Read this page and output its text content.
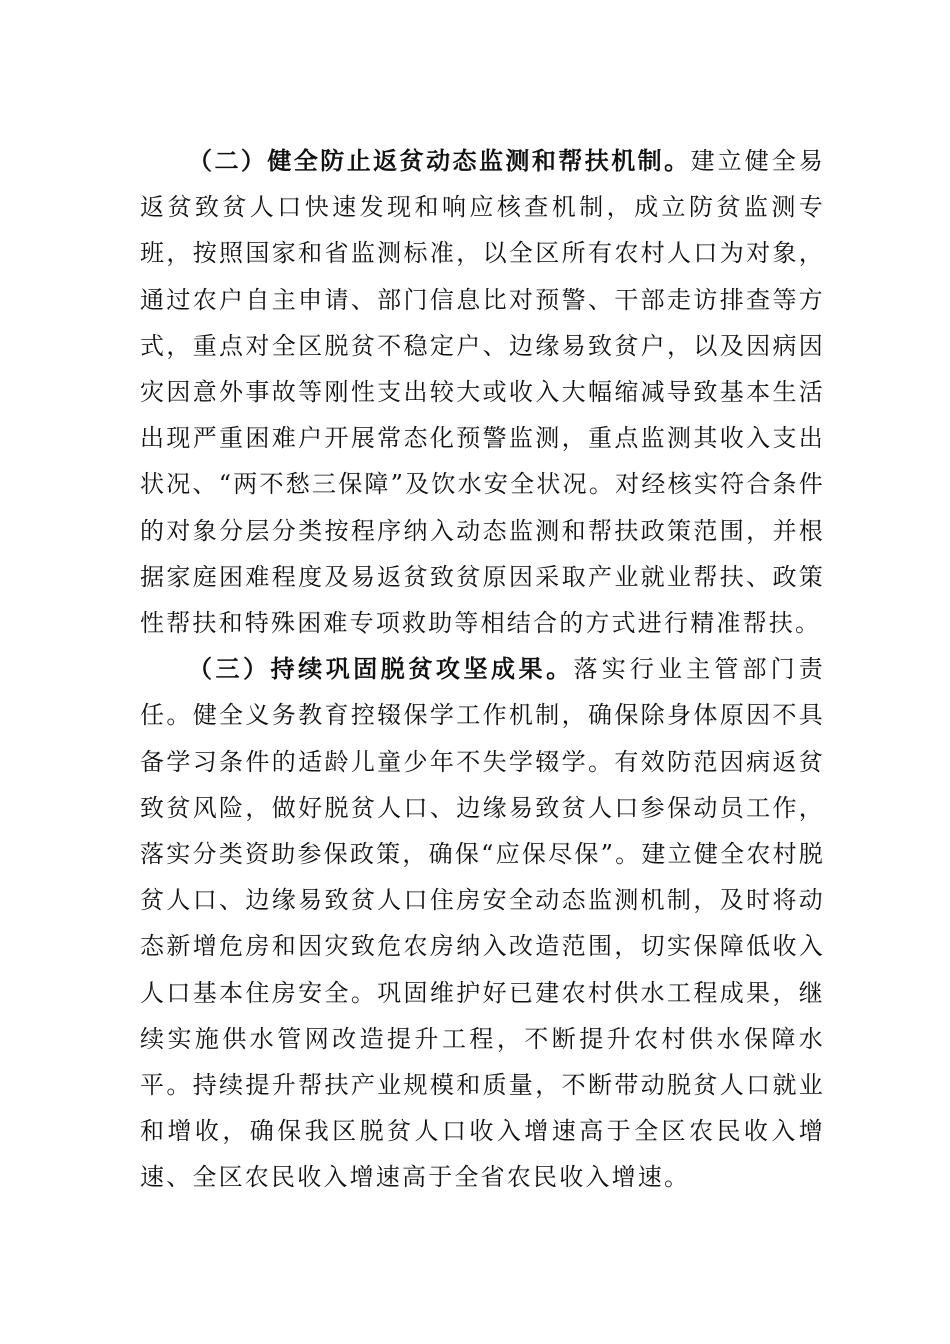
（二）健全防止返贫动态监测和帮扶机制。建立健全易返贫致贫人口快速发现和响应核查机制，成立防贫监测专班，按照国家和省监测标准，以全区所有农村人口为对象，通过农户自主申请、部门信息比对预警、干部走访排查等方式，重点对全区脱贫不稳定户、边缘易致贫户，以及因病因灾因意外事故等刚性支出较大或收入大幅缩减导致基本生活出现严重困难户开展常态化预警监测，重点监测其收入支出状况、“两不愁三保障”及饮水安全状况。对经核实符合条件的对象分层分类按程序纳入动态监测和帮扶政策范围，并根据家庭困难程度及易返贫致贫原因采取产业就业帮扶、政策性帮扶和特殊困难专项救助等相结合的方式进行精准帮扶。

（三）持续巩固脱贫攻坚成果。落实行业主管部门责任。健全义务教育控辍保学工作机制，确保除身体原因不具备学习条件的适龄儿童少年不失学辍学。有效防范因病返贫致贫风险，做好脱贫人口、边缘易致贫人口参保动员工作，落实分类资助参保政策，确保“应保尽保”。建立健全农村脱贫人口、边缘易致贫人口住房安全动态监测机制，及时将动态新增危房和因灾致危农房纳入改造范围，切实保障低收入人口基本住房安全。巩固维护好已建农村供水工程成果，继续实施供水管网改造提升工程，不断提升农村供水保障水平。持续提升帮扶产业规模和质量，不断带动脱贫人口就业和增收，确保我区脱贫人口收入增速高于全区农民收入增速、全区农民收入增速高于全省农民收入增速。
